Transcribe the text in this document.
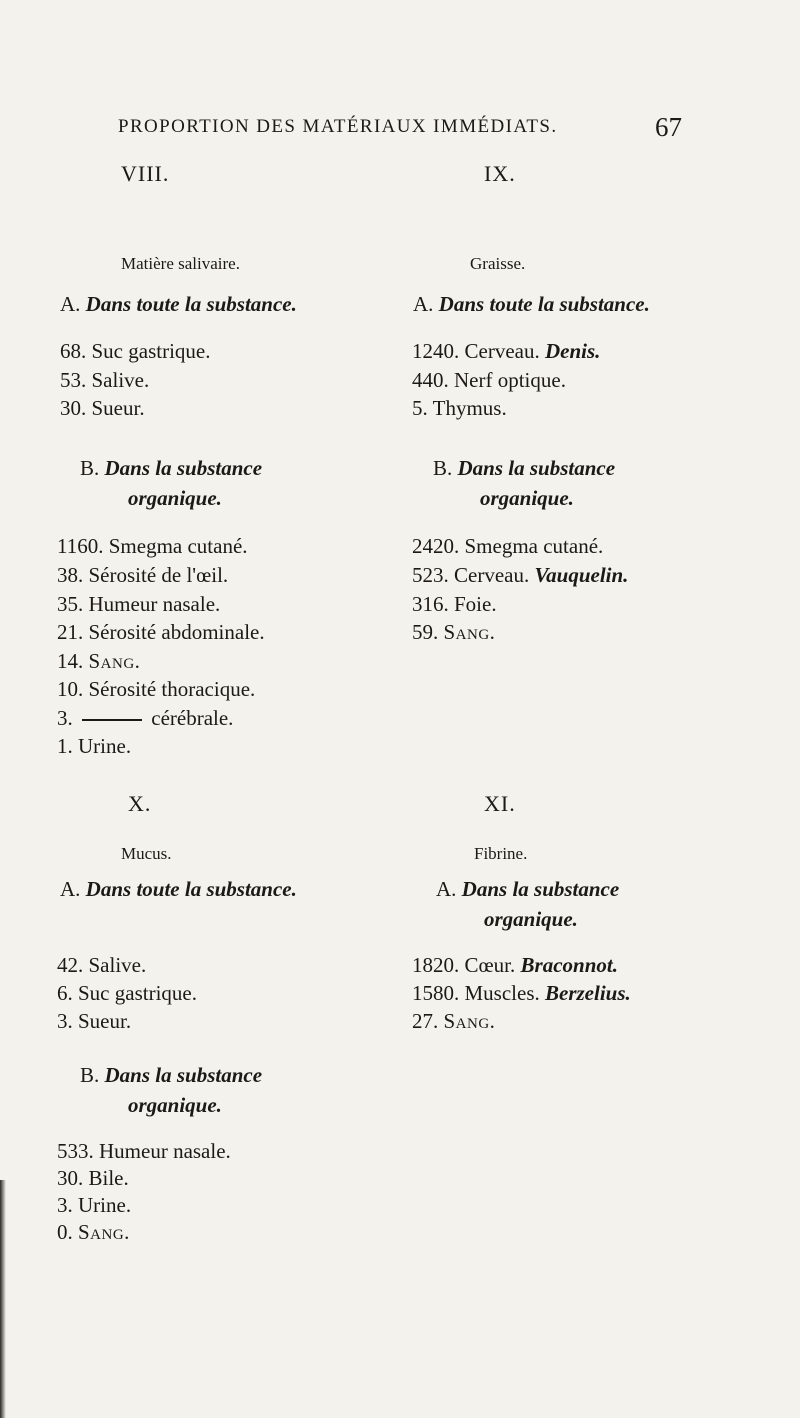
PROPORTION DES MATÉRIAUX IMMÉDIATS.	67
VIII.
Matière salivaire.
A. Dans toute la substance.
68. Suc gastrique.
53. Salive.
30. Sueur.
B. Dans la substance
organique.
1160. Smegma cutané.
38. Sérosité de l'œil.
35. Humeur nasale.
21. Sérosité abdominale.
14. Sang.
10. Sérosité thoracique.
3.	cérébrale.
1. Urine.
IX.
Graisse.
A. Dans toute la substance.
1240. Cerveau. Denis.
440. Nerf optique.
5. Thymus.
B. Dans la substance
organique.
2420. Smegma cutané.
523. Cerveau. Vauquelin.
316. Foie.
59. Sang.
X.
Mucus.
A. Dans toute la substance.
42. Salive.
6. Suc gastrique.
3. Sueur.
B. Dans la substance
organique.
533. Humeur nasale.
30. Bile.
3. Urine.
0. Sang.
XI.
Fibrine.
A. Dans la substance
organique.
1820. Cœur. Braconnot.
1580. Muscles. Berzelius.
27. Sang.
